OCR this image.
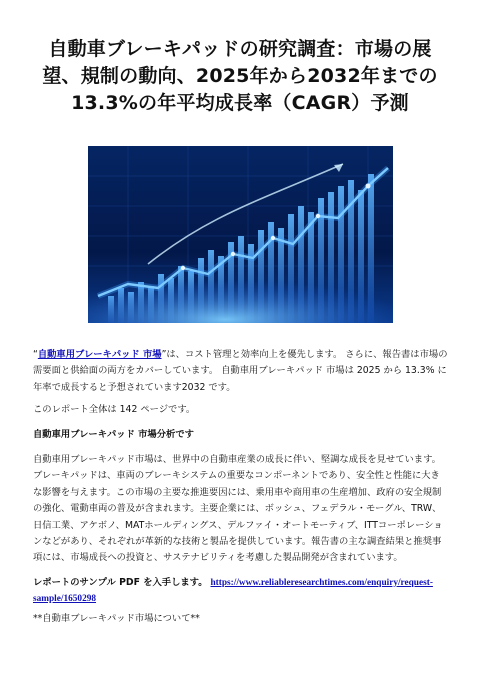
自動車ブレーキパッドの研究調査：市場の展望、規制の動向、2025年から2032年までの13.3%の年平均成長率（CAGR）予測
“自動車用ブレーキパッド 市場”は、コスト管理と効率向上を優先します。 さらに、報告書は市場の需要面と供給面の両方をカバーしています。 自動車用ブレーキパッド 市場は 2025 から 13.3% に年率で成長すると予想されています2032 です。
このレポート全体は 142 ページです。
自動車用ブレーキパッド 市場分析です
自動車用ブレーキパッド市場は、世界中の自動車産業の成長に伴い、堅調な成長を見せています。ブレーキパッドは、車両のブレーキシステムの重要なコンポーネントであり、安全性と性能に大きな影響を与えます。この市場の主要な推進要因には、乗用車や商用車の生産増加、政府の安全規制の強化、電動車両の普及が含まれます。主要企業には、ボッシュ、フェデラル・モーグル、TRW、日信工業、アケボノ、MATホールディングス、デルファイ・オートモーティブ、ITTコーポレーションなどがあり、それぞれが革新的な技術と製品を提供しています。報告書の主な調査結果と推奨事項には、市場成長への投資と、サステナビリティを考慮した製品開発が含まれています。
レポートのサンプル PDF を入手します。 https://www.reliableresearchtimes.com/enquiry/request-sample/1650298
**自動車ブレーキパッド市場について**
